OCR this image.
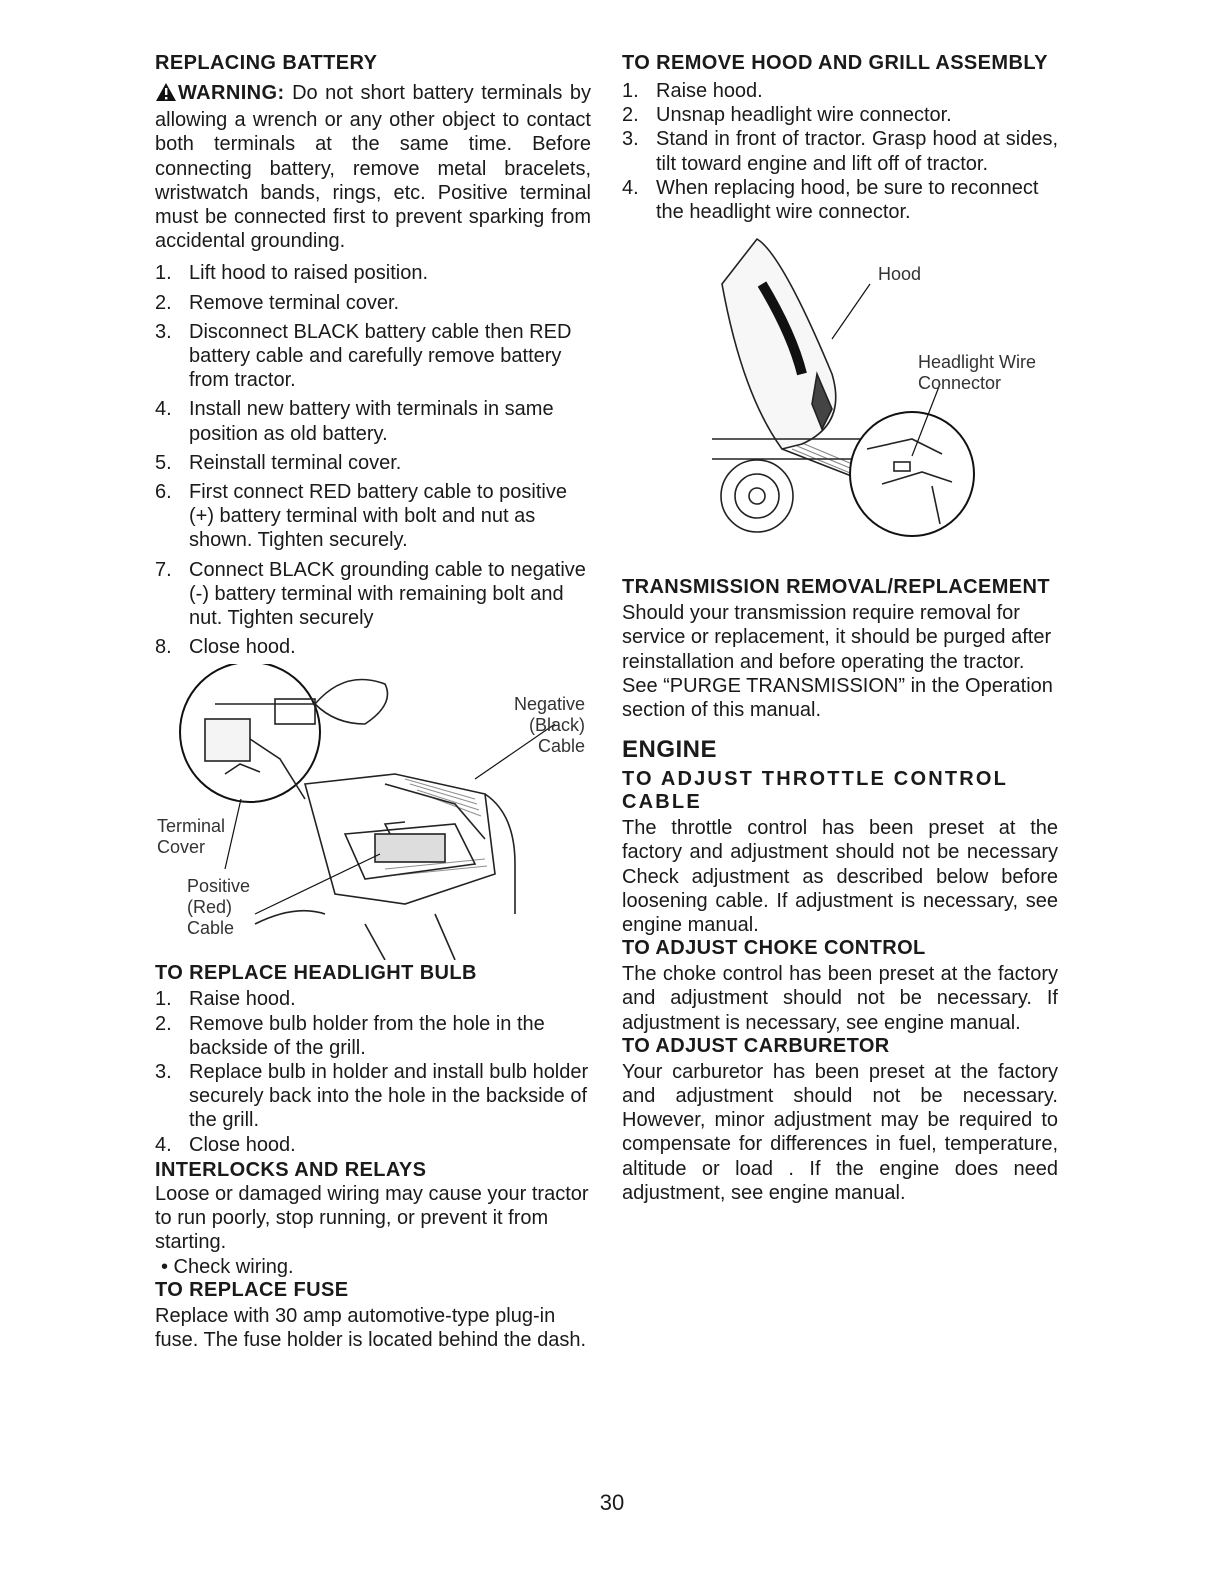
REPLACING BATTERY

WARNING: Do not short battery terminals by allowing a wrench or any other object to contact both terminals at the same time. Before connecting battery, remove metal bracelets, wristwatch bands, rings, etc. Positive terminal must be connected first to prevent sparking from accidental grounding.

1. Lift hood to raised position.
2. Remove terminal cover.
3. Disconnect BLACK battery cable then RED battery cable and carefully remove battery from tractor.
4. Install new battery with terminals in same position as old battery.
5. Reinstall terminal cover.
6. First connect RED battery cable to positive (+) battery terminal with bolt and nut as shown. Tighten securely.
7. Connect BLACK grounding cable to negative (-) battery terminal with remaining bolt and nut. Tighten securely
8. Close hood.
Negative (Black) Cable
Terminal Cover
Positive (Red) Cable
TO REPLACE HEADLIGHT BULB
1. Raise hood.
2. Remove bulb holder from the hole in the backside of the grill.
3. Replace bulb in holder and install bulb holder securely back into the hole in the backside of the grill.
4. Close hood.
INTERLOCKS AND RELAYS

Loose or damaged wiring may cause your tractor to run poorly, stop running, or prevent it from starting.

• Check wiring.
TO REPLACE FUSE

Replace with 30 amp automotive-type plug-in fuse. The fuse holder is located behind the dash.

TO REMOVE HOOD AND GRILL ASSEMBLY
1. Raise hood.
2. Unsnap headlight wire connector.
3. Stand in front of tractor. Grasp hood at sides, tilt toward engine and lift off of tractor.
4. When replacing hood, be sure to reconnect the headlight wire connector.
Hood
Headlight Wire Connector
TRANSMISSION REMOVAL/REPLACEMENT

Should your transmission require removal for service or replacement, it should be purged after reinstallation and before operating the tractor. See “PURGE TRANSMISSION” in the Operation section of this manual.

ENGINE
TO ADJUST THROTTLE CONTROL CABLE

The throttle control has been preset at the factory and adjustment should not be necessary Check adjustment as described below before loosening cable. If adjustment is necessary, see engine manual.

TO ADJUST CHOKE CONTROL

The choke control has been preset at the factory and adjustment should not be necessary. If adjustment is necessary, see engine manual.

TO ADJUST CARBURETOR

Your carburetor has been preset at the factory and adjustment should not be necessary. However, minor adjustment may be required to compensate for differences in fuel, temperature, altitude or load . If the engine does need adjustment, see engine manual.

30
